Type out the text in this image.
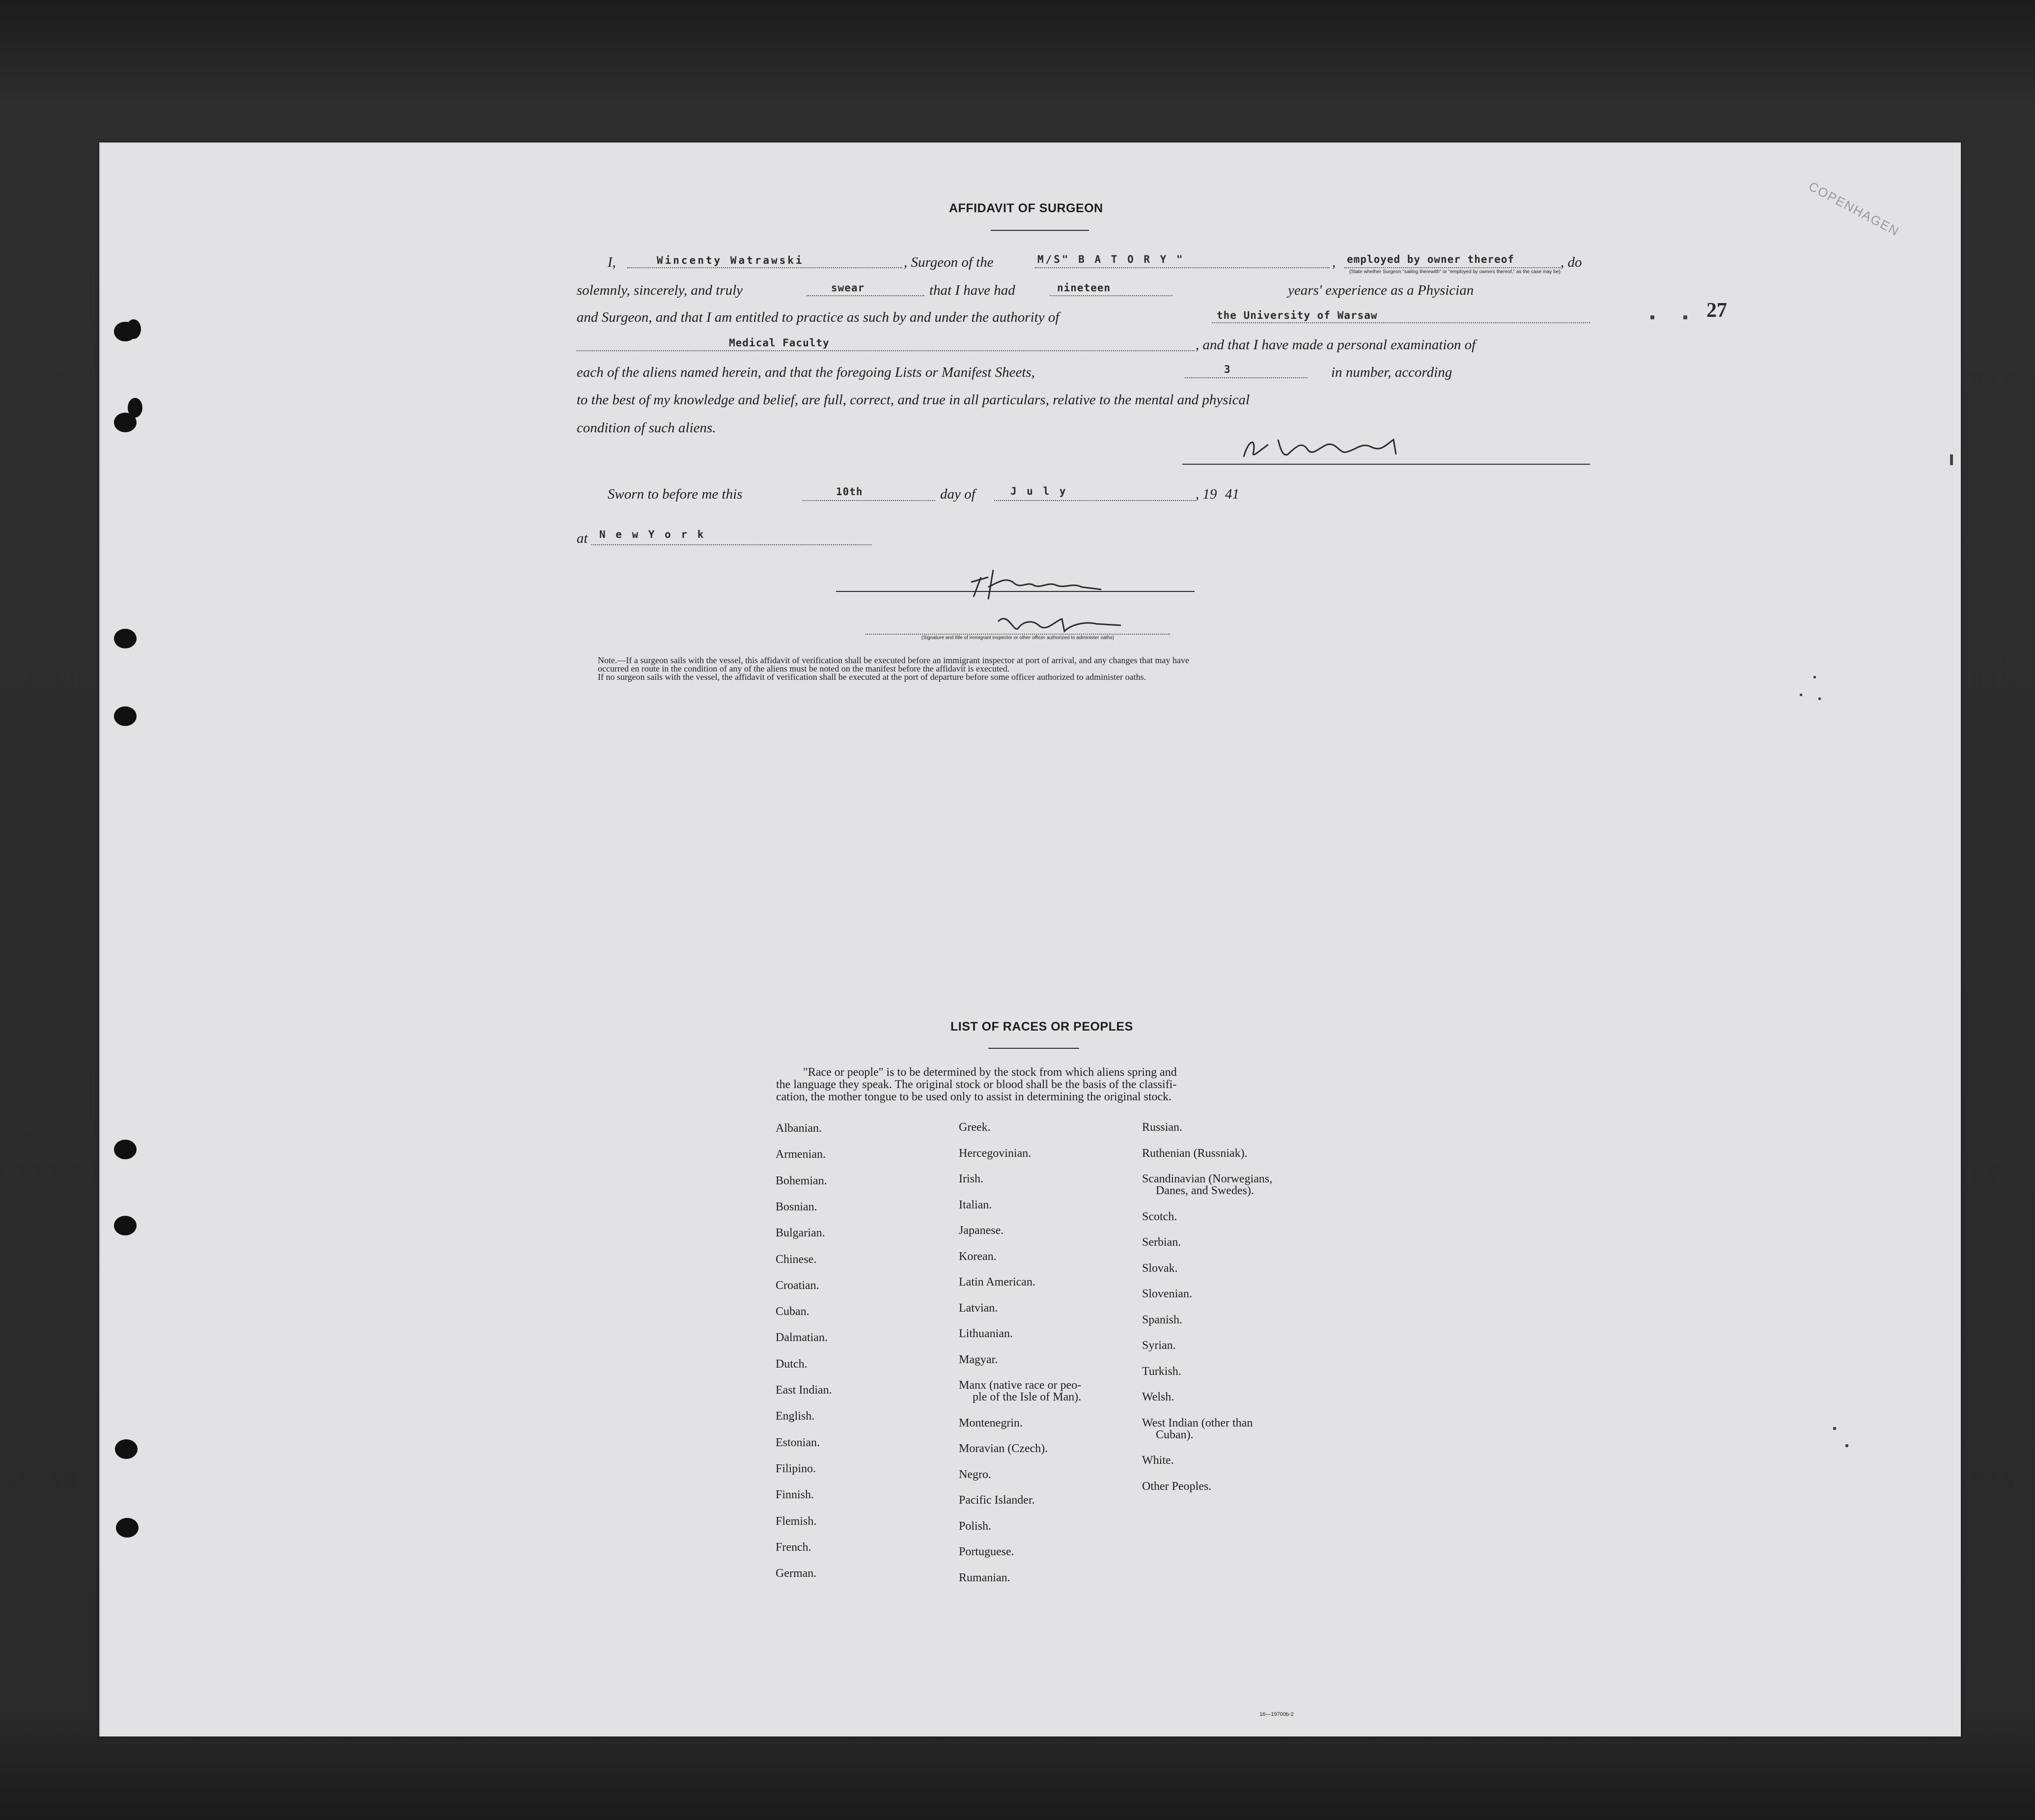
COPENHAGEN
27
AFFIDAVIT OF SURGEON
I,	Wincenty Watrawski	, Surgeon of the	M/S" B A T O R Y "	, employed by owner thereof	, do
(State whether Surgeon "sailing therewith" or "employed by owners thereof," as the case may be)
solemnly, sincerely, and truly	swear	that I have had	nineteen	years' experience as a Physician
and Surgeon, and that I am entitled to practice as such by and under the authority of	the University of Warsaw
Medical Faculty	, and that I have made a personal examination of
each of the aliens named herein, and that the foregoing Lists or Manifest Sheets,	3	in number, according
to the best of my knowledge and belief, are full, correct, and true in all particulars, relative to the mental and physical
condition of such aliens.
Sworn to before me this	10th	day of	J u l y	, 19 41
at N e w Y o r k
(Signature and title of immigrant inspector or other officer authorized to administer oaths)
Note.—If a surgeon sails with the vessel, this affidavit of verification shall be executed before an immigrant inspector at port of arrival, and any changes that may have
occurred en route in the condition of any of the aliens must be noted on the manifest before the affidavit is executed.
If no surgeon sails with the vessel, the affidavit of verification shall be executed at the port of departure before some officer authorized to administer oaths.
LIST OF RACES OR PEOPLES
"Race or people" is to be determined by the stock from which aliens spring and
the language they speak. The original stock or blood shall be the basis of the classifi-
cation, the mother tongue to be used only to assist in determining the original stock.
Albanian.
Armenian.
Bohemian.
Bosnian.
Bulgarian.
Chinese.
Croatian.
Cuban.
Dalmatian.
Dutch.
East Indian.
English.
Estonian.
Filipino.
Finnish.
Flemish.
French.
German.
Greek.
Hercegovinian.
Irish.
Italian.
Japanese.
Korean.
Latin American.
Latvian.
Lithuanian.
Magyar.
Manx (native race or peo-
ple of the Isle of Man).
Montenegrin.
Moravian (Czech).
Negro.
Pacific Islander.
Polish.
Portuguese.
Rumanian.
Russian.
Ruthenian (Russniak).
Scandinavian (Norwegians,
Danes, and Swedes).
Scotch.
Serbian.
Slovak.
Slovenian.
Spanish.
Syrian.
Turkish.
Welsh.
West Indian (other than
Cuban).
White.
Other Peoples.
16—19700b-2
